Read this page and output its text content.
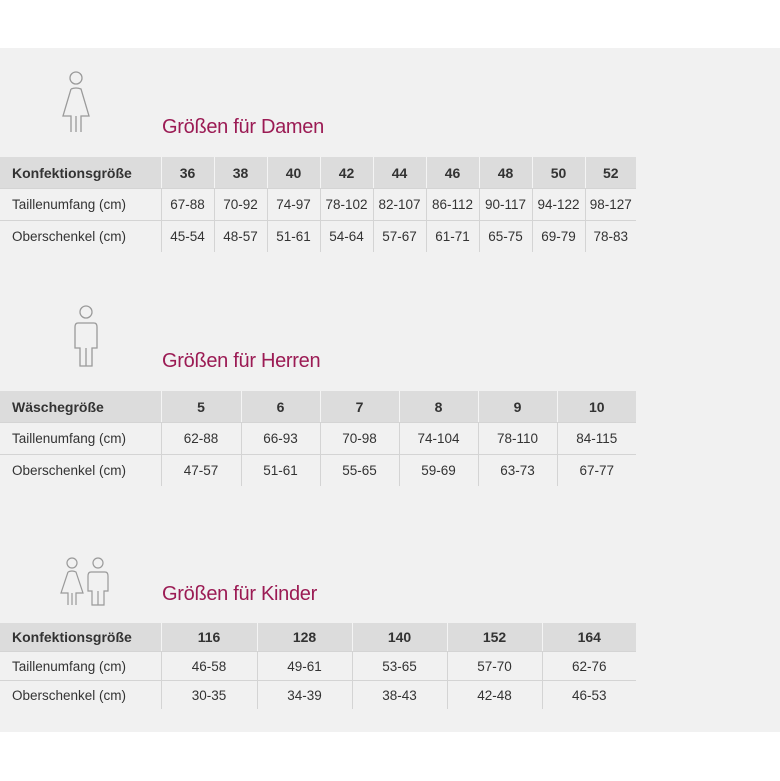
Größen für Damen
Konfektionsgröße	36	38	40	42	44	46	48	50	52
Taillenumfang (cm)	67-88	70-92	74-97	78-102	82-107	86-112	90-117	94-122	98-127
Oberschenkel (cm)	45-54	48-57	51-61	54-64	57-67	61-71	65-75	69-79	78-83
Größen für Herren
Wäschegröße	5	6	7	8	9	10
Taillenumfang (cm)	62-88	66-93	70-98	74-104	78-110	84-115
Oberschenkel (cm)	47-57	51-61	55-65	59-69	63-73	67-77
Größen für Kinder
Konfektionsgröße	116	128	140	152	164
Taillenumfang (cm)	46-58	49-61	53-65	57-70	62-76
Oberschenkel (cm)	30-35	34-39	38-43	42-48	46-53
